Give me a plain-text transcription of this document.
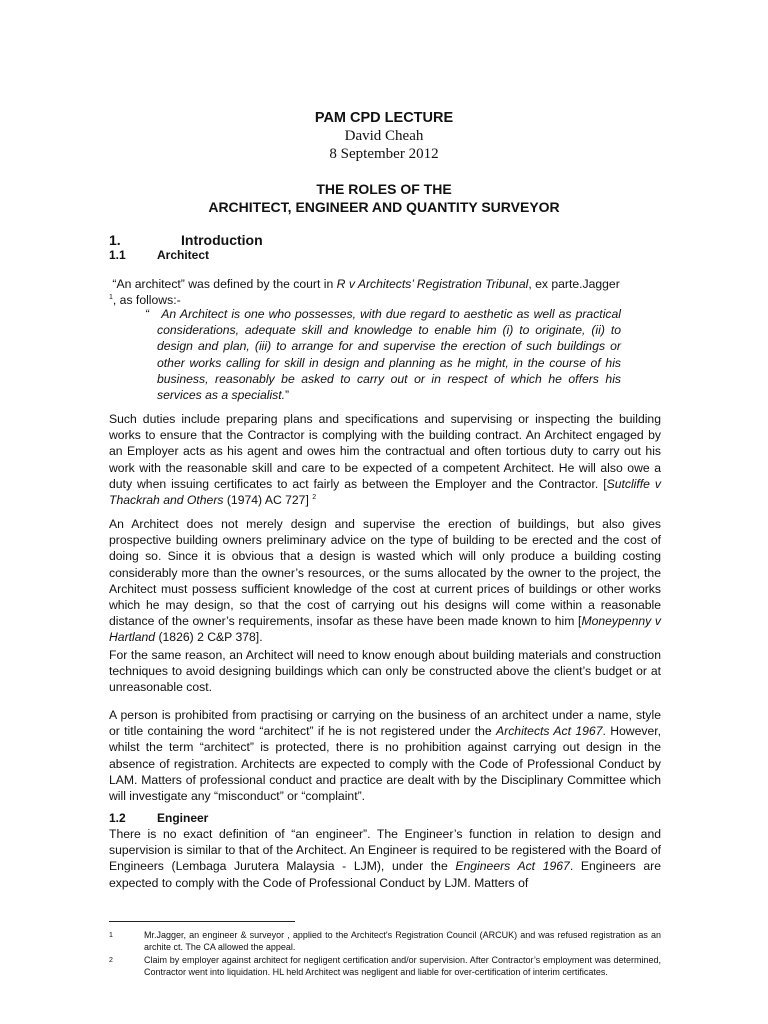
PAM CPD LECTURE
David Cheah
8 September 2012
THE ROLES OF THE
ARCHITECT, ENGINEER AND QUANTITY SURVEYOR
1.	Introduction
1.1	Architect
“An architect” was defined by the court in R v Architects’ Registration Tribunal, ex parte.Jagger
$^1$, as follows:-
“   An Architect is one who possesses, with due regard to aesthetic as well as practical considerations, adequate skill and knowledge to enable him (i) to originate, (ii) to design and plan, (iii) to arrange for and supervise the erection of such buildings or other works calling for skill in design and planning as he might, in the course of his business, reasonably be asked to carry out or in respect of which he offers his services as a specialist.”
Such duties include preparing plans and specifications and supervising or inspecting the building works to ensure that the Contractor is complying with the building contract. An Architect engaged by an Employer acts as his agent and owes him the contractual and often tortious duty to carry out his work with the reasonable skill and care to be expected of a competent Architect. He will also owe a duty when issuing certificates to act fairly as between the Employer and the Contractor. [Sutcliffe v Thackrah and Others (1974) AC 727] $^2$
An Architect does not merely design and supervise the erection of buildings, but also gives prospective building owners preliminary advice on the type of building to be erected and the cost of doing so. Since it is obvious that a design is wasted which will only produce a building costing considerably more than the owner’s resources, or the sums allocated by the owner to the project, the Architect must possess sufficient knowledge of the cost at current prices of buildings or other works which he may design, so that the cost of carrying out his designs will come within a reasonable distance of the owner’s requirements, insofar as these have been made known to him [Moneypenny v Hartland (1826) 2 C&P 378].
For the same reason, an Architect will need to know enough about building materials and construction techniques to avoid designing buildings which can only be constructed above the client’s budget or at unreasonable cost.
A person is prohibited from practising or carrying on the business of an architect under a name, style or title containing the word “architect” if he is not registered under the Architects Act 1967. However, whilst the term “architect” is protected, there is no prohibition against carrying out design in the absence of registration. Architects are expected to comply with the Code of Professional Conduct by LAM. Matters of professional conduct and practice are dealt with by the Disciplinary Committee which will investigate any “misconduct” or “complaint”.
1.2	Engineer
There is no exact definition of “an engineer”. The Engineer’s function in relation to design and supervision is similar to that of the Architect. An Engineer is required to be registered with the Board of Engineers (Lembaga Jurutera Malaysia - LJM), under the Engineers Act 1967. Engineers are expected to comply with the Code of Professional Conduct by LJM. Matters of
1	Mr.Jagger, an engineer & surveyor , applied to the Architect's Registration Council (ARCUK) and was refused registration as an archite ct. The CA allowed the appeal.
2	Claim by employer against architect for negligent certification and/or supervision. After Contractor’s employment was determined, Contractor went into liquidation. HL held Architect was negligent and liable for over-certification of interim certificates.
